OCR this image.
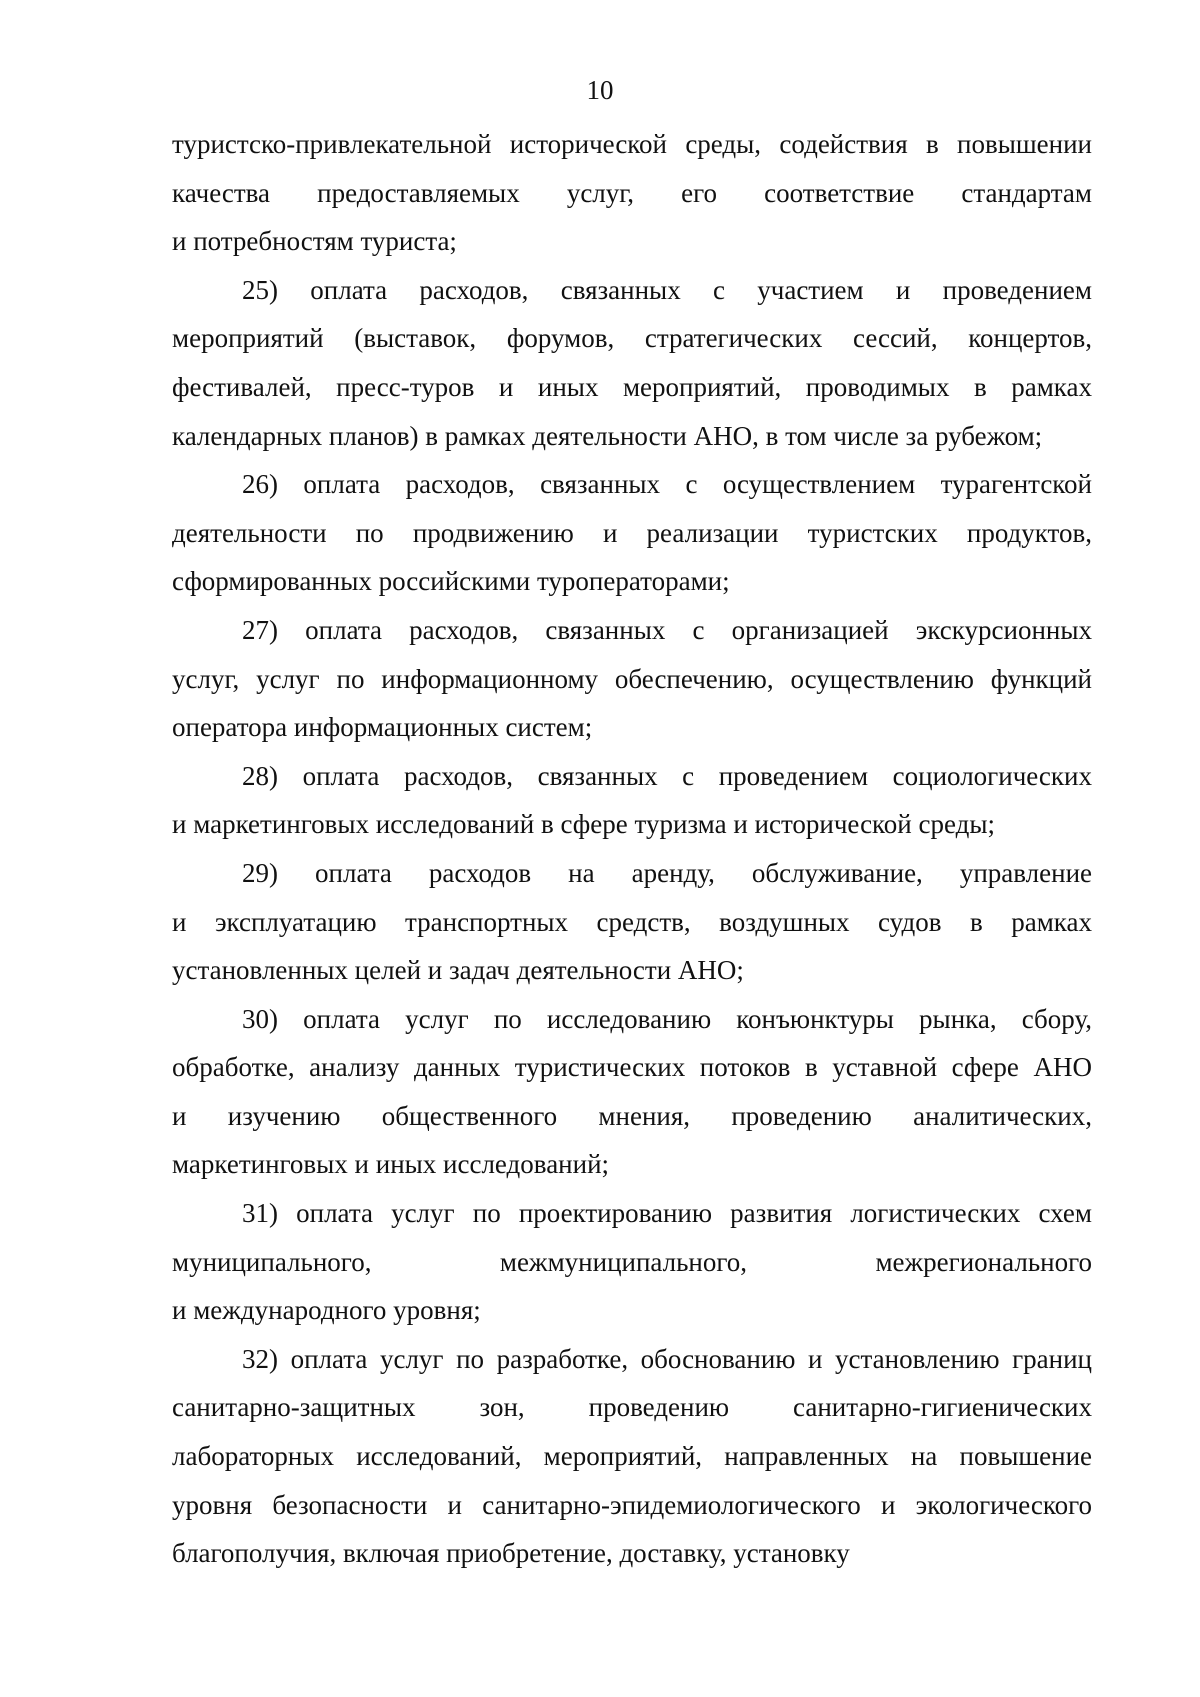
10
туристско-привлекательной исторической среды, содействия в повышении
качества предоставляемых услуг, его соответствие стандартам
и потребностям туриста;
25) оплата расходов, связанных с участием и проведением
мероприятий (выставок, форумов, стратегических сессий, концертов,
фестивалей, пресс-туров и иных мероприятий, проводимых в рамках
календарных планов) в рамках деятельности АНО, в том числе за рубежом;
26) оплата расходов, связанных с осуществлением турагентской
деятельности по продвижению и реализации туристских продуктов,
сформированных российскими туроператорами;
27) оплата расходов, связанных с организацией экскурсионных
услуг, услуг по информационному обеспечению, осуществлению функций
оператора информационных систем;
28) оплата расходов, связанных с проведением социологических
и маркетинговых исследований в сфере туризма и исторической среды;
29) оплата расходов на аренду, обслуживание, управление
и эксплуатацию транспортных средств, воздушных судов в рамках
установленных целей и задач деятельности АНО;
30) оплата услуг по исследованию конъюнктуры рынка, сбору,
обработке, анализу данных туристических потоков в уставной сфере АНО
и изучению общественного мнения, проведению аналитических,
маркетинговых и иных исследований;
31) оплата услуг по проектированию развития логистических схем
муниципального, межмуниципального, межрегионального
и международного уровня;
32) оплата услуг по разработке, обоснованию и установлению границ
санитарно-защитных зон, проведению санитарно-гигиенических
лабораторных исследований, мероприятий, направленных на повышение
уровня безопасности и санитарно-эпидемиологического и экологического
благополучия, включая приобретение, доставку, установку
